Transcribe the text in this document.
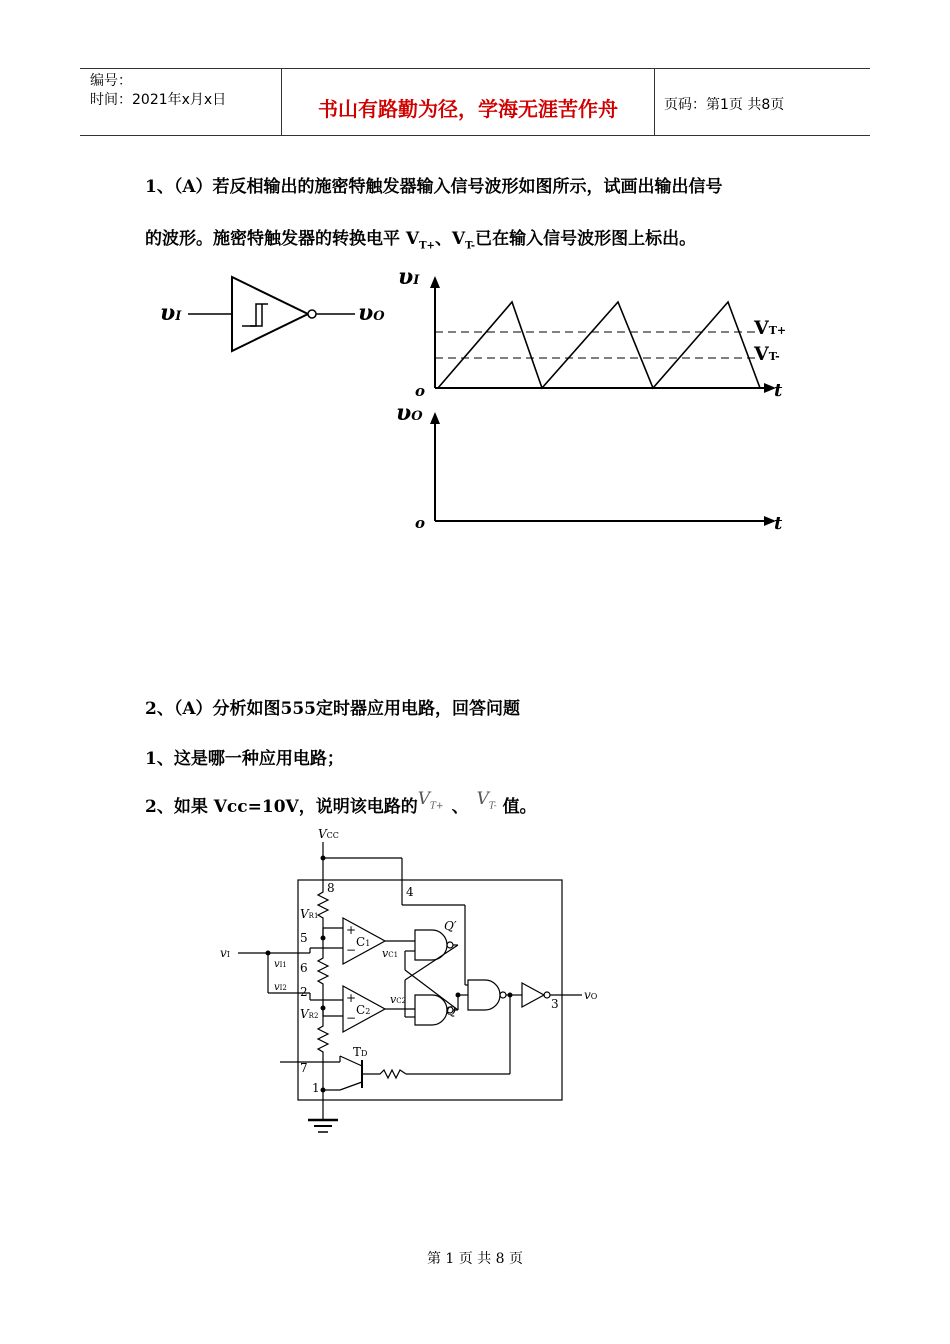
编号：
时间：2021年x月x日	书山有路勤为径，学海无涯苦作舟	页码：第1页 共8页
1、（A）若反相输出的施密特触发器输入信号波形如图所示，试画出输出信号
的波形。施密特触发器的转换电平 $V_{T+}$、$V_{T-}$已在输入信号波形图上标出。
υI	υO
υI
o	t
VT+
VT-
υO
o	t
2、（A）分析如图555定时器应用电路，回答问题
1、这是哪一种应用电路；
2、如果 Vcc=10V，说明该电路的$V_{T+}$ 、 $V_{T-}$ 值。
VCC
8	4
VR1
5
6
2
vI
vI1
vI2
VR2
+
−
C1
+
−
C2
vC1
vC2
Q′
Q
TD
7
1
3
vO
第 1 页 共 8 页
